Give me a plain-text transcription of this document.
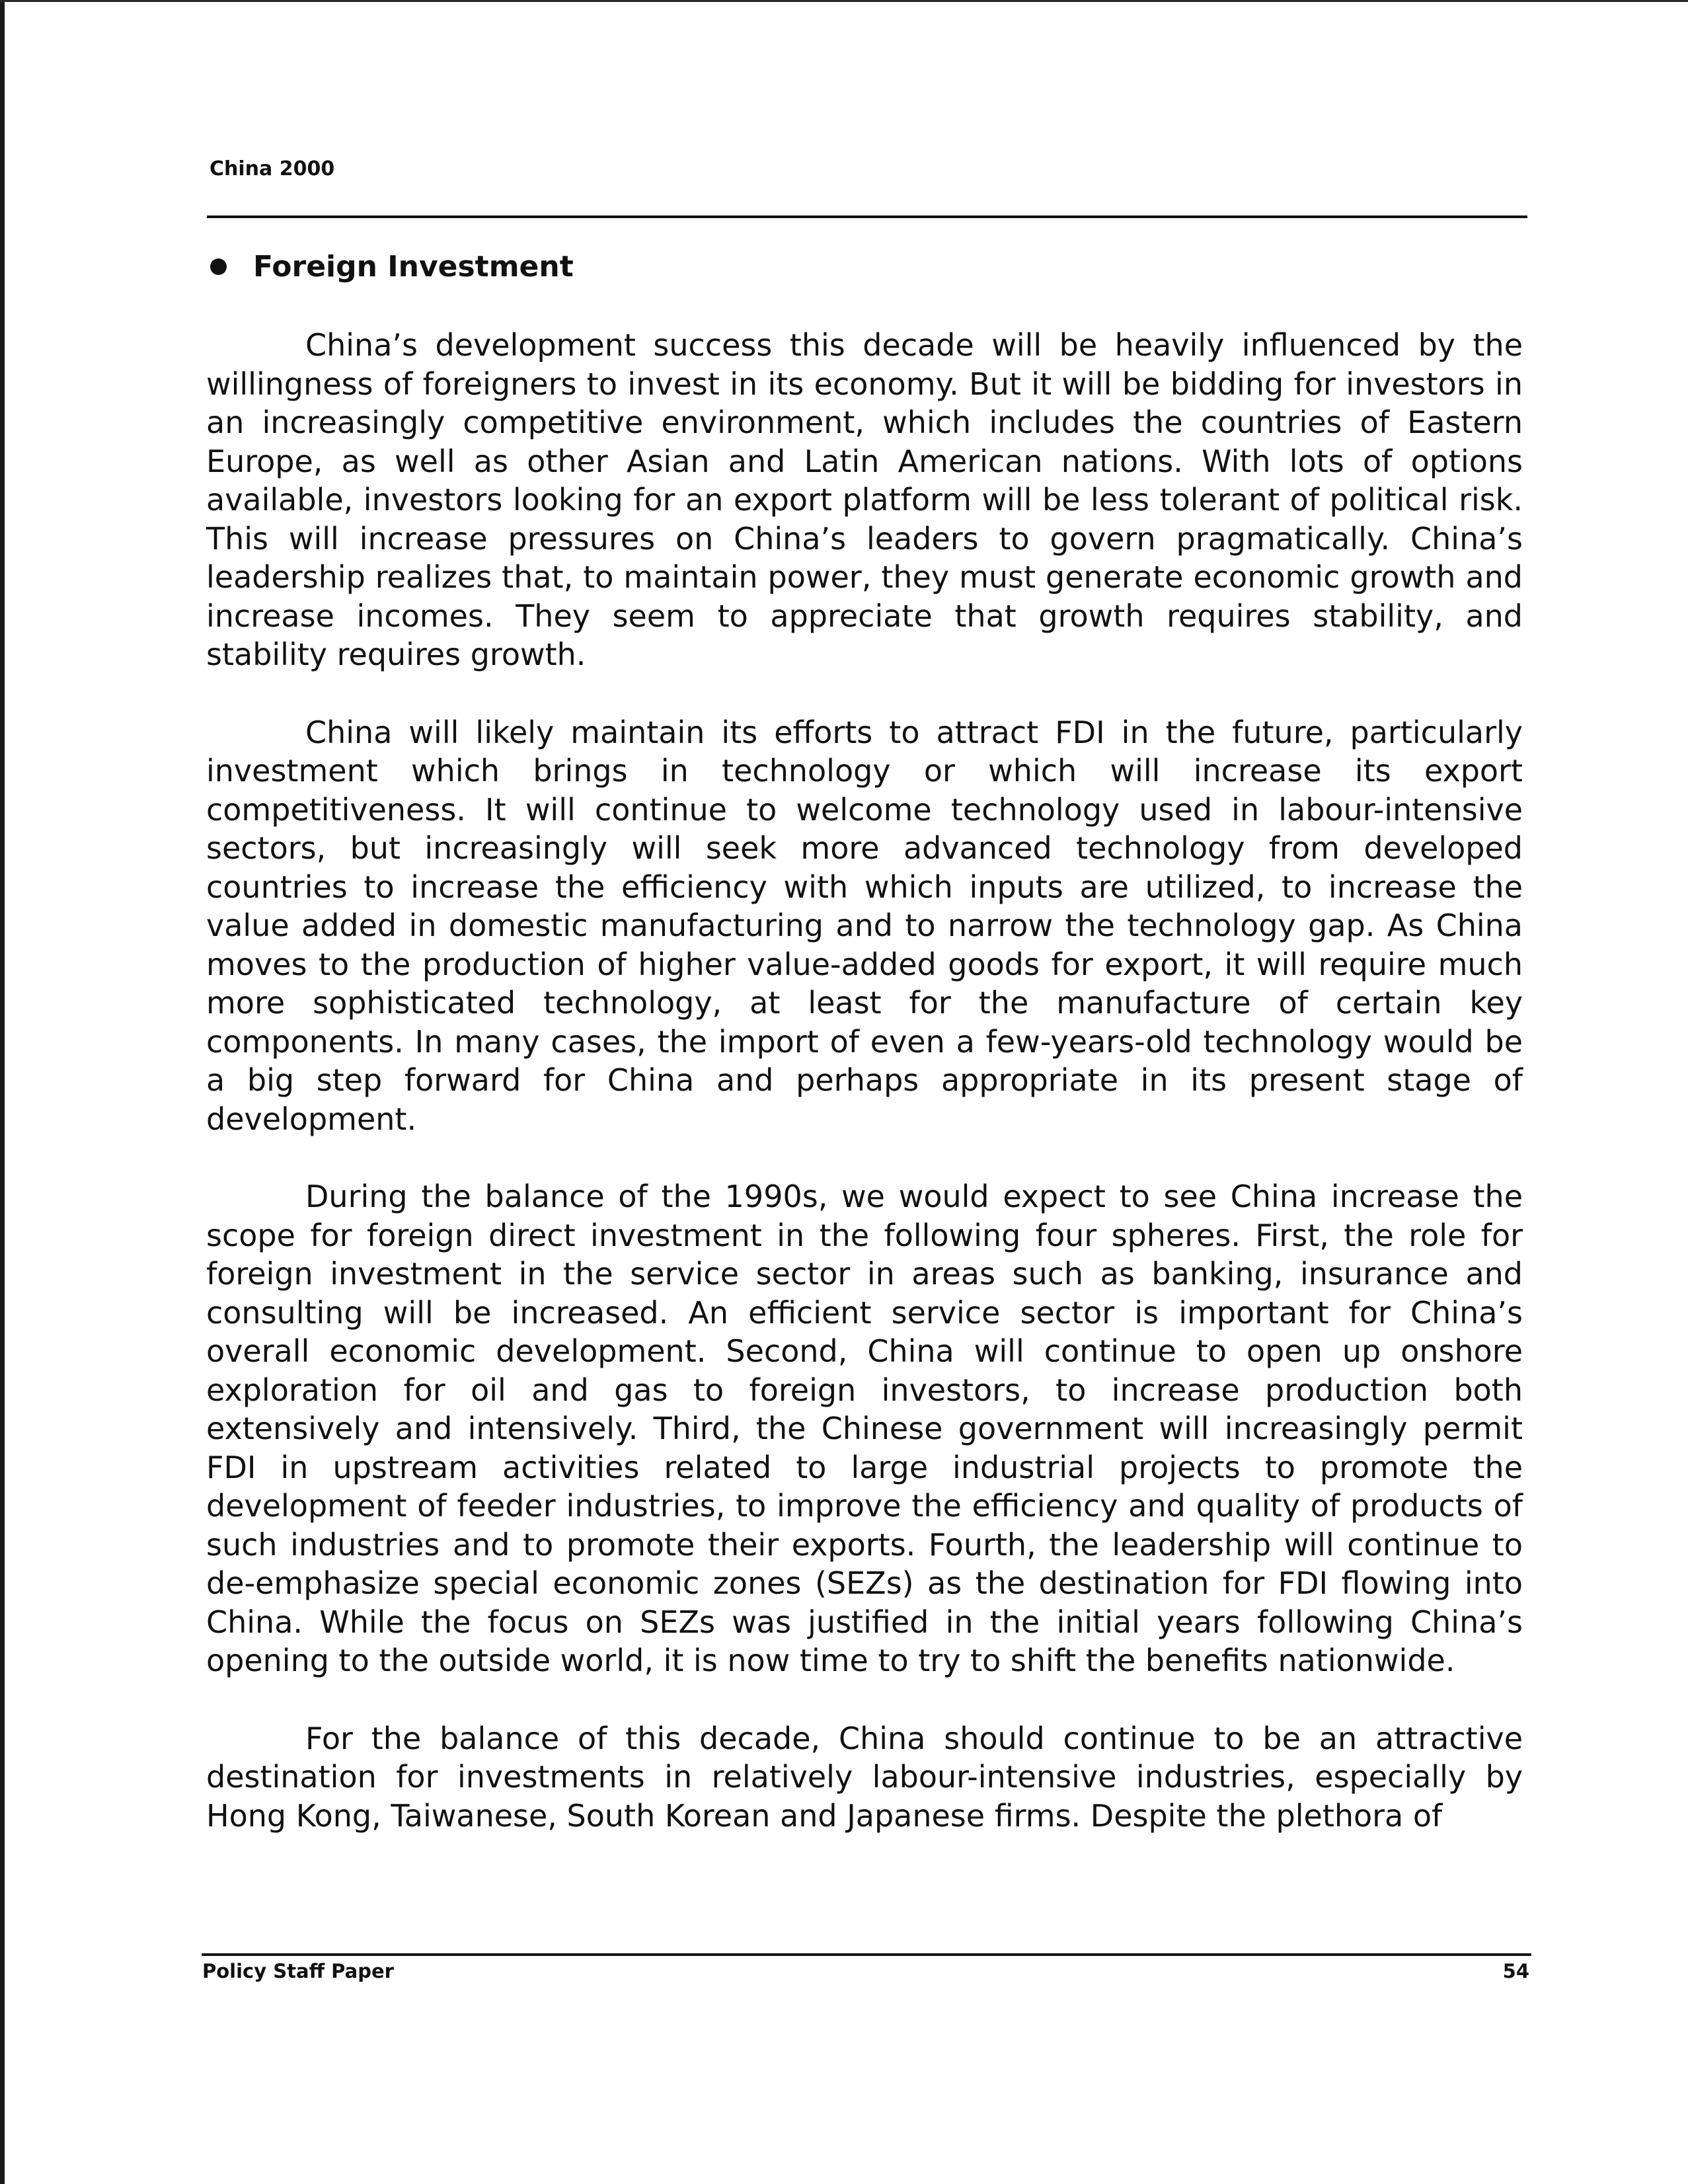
China 2000
Foreign Investment

China’s development success this decade will be heavily influenced by the willingness of foreigners to invest in its economy. But it will be bidding for investors in an increasingly competitive environment, which includes the countries of Eastern Europe, as well as other Asian and Latin American nations. With lots of options available, investors looking for an export platform will be less tolerant of political risk. This will increase pressures on China’s leaders to govern pragmatically. China’s leadership realizes that, to maintain power, they must generate economic growth and increase incomes. They seem to appreciate that growth requires stability, and stability requires growth.

China will likely maintain its efforts to attract FDI in the future, particularly investment which brings in technology or which will increase its export competitiveness. It will continue to welcome technology used in labour-intensive sectors, but increasingly will seek more advanced technology from developed countries to increase the efficiency with which inputs are utilized, to increase the value added in domestic manufacturing and to narrow the technology gap. As China moves to the production of higher value-added goods for export, it will require much more sophisticated technology, at least for the manufacture of certain key components. In many cases, the import of even a few-years-old technology would be a big step forward for China and perhaps appropriate in its present stage of development.

During the balance of the 1990s, we would expect to see China increase the scope for foreign direct investment in the following four spheres. First, the role for foreign investment in the service sector in areas such as banking, insurance and consulting will be increased. An efficient service sector is important for China’s overall economic development. Second, China will continue to open up onshore exploration for oil and gas to foreign investors, to increase production both extensively and intensively. Third, the Chinese government will increasingly permit FDI in upstream activities related to large industrial projects to promote the development of feeder industries, to improve the efficiency and quality of products of such industries and to promote their exports. Fourth, the leadership will continue to de-emphasize special economic zones (SEZs) as the destination for FDI flowing into China. While the focus on SEZs was justified in the initial years following China’s opening to the outside world, it is now time to try to shift the benefits nationwide.

For the balance of this decade, China should continue to be an attractive destination for investments in relatively labour-intensive industries, especially by Hong Kong, Taiwanese, South Korean and Japanese firms. Despite the plethora of

Policy Staff Paper	54
